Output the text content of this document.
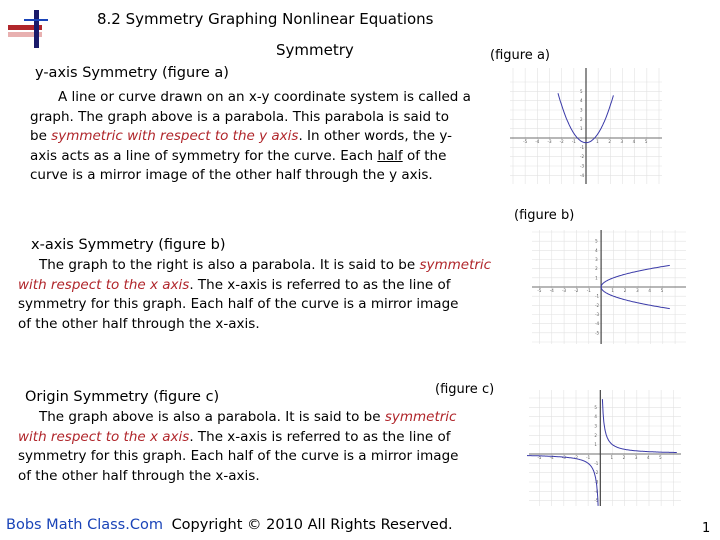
8.2 Symmetry Graphing Nonlinear Equations
Symmetry	(figure a)
y-axis Symmetry (figure a)
A line or curve drawn on an x-y coordinate system is called a
graph. The graph above is a parabola. This parabola is said to
be symmetric with respect to the y axis. In other words, the y-
axis acts as a line of symmetry for the curve. Each half of the
curve is a mirror image of the other half through the y axis.
-5 -4 -3 -2 -1	1 2 3 4 5
5
4
3
2
1
-1
-2
-3
-4
(figure b)
x-axis Symmetry (figure b)
The graph to the right is also a parabola. It is said to be symmetric
with respect to the x axis. The x-axis is referred to as the line of
symmetry for this graph. Each half of the curve is a mirror image
of the other half through the x-axis.
-5 -4 -3 -2 -1	1 2 3 4 5
5
4
3
2
1
-1
-2
-3
-4
-5
(figure c)
Origin Symmetry (figure c)
The graph above is also a parabola. It is said to be symmetric
with respect to the x axis. The x-axis is referred to as the line of
symmetry for this graph. Each half of the curve is a mirror image
of the other half through the x-axis.
-5 -4 -3 -2 -1	1 2 3 4 5
5
4
3
2
1
-1
-2
-3
-4
-5
Bobs Math Class.Com Copyright © 2010 All Rights Reserved.	1
